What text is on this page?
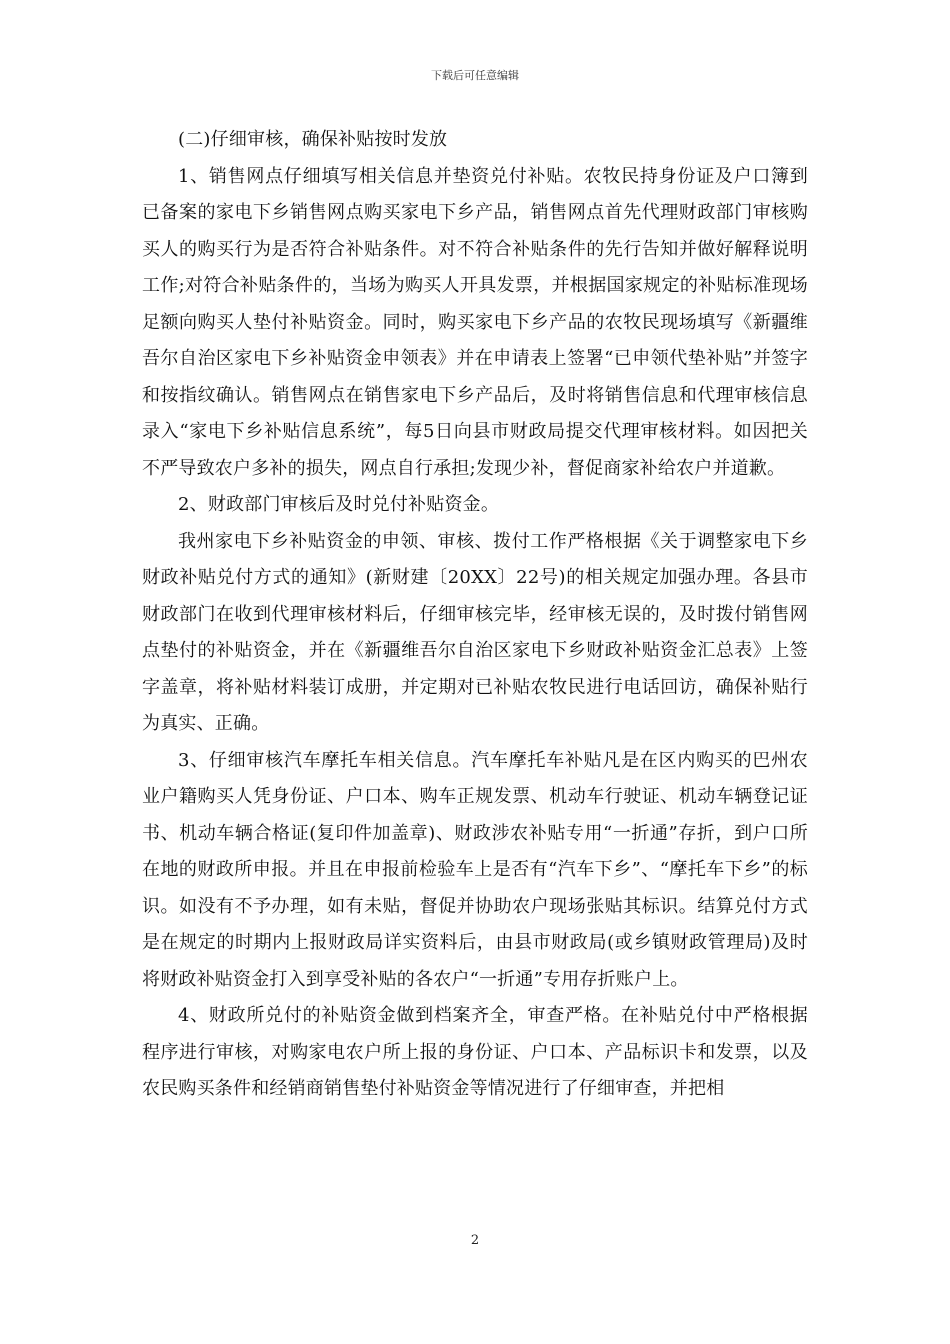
下载后可任意编辑

(二)仔细审核，确保补贴按时发放

1、销售网点仔细填写相关信息并垫资兑付补贴。农牧民持身份证及户口簿到已备案的家电下乡销售网点购买家电下乡产品，销售网点首先代理财政部门审核购买人的购买行为是否符合补贴条件。对不符合补贴条件的先行告知并做好解释说明工作;对符合补贴条件的，当场为购买人开具发票，并根据国家规定的补贴标准现场足额向购买人垫付补贴资金。同时，购买家电下乡产品的农牧民现场填写《新疆维吾尔自治区家电下乡补贴资金申领表》并在申请表上签署“已申领代垫补贴”并签字和按指纹确认。销售网点在销售家电下乡产品后，及时将销售信息和代理审核信息录入“家电下乡补贴信息系统”，每5日向县市财政局提交代理审核材料。如因把关不严导致农户多补的损失，网点自行承担;发现少补，督促商家补给农户并道歉。

2、财政部门审核后及时兑付补贴资金。

我州家电下乡补贴资金的申领、审核、拨付工作严格根据《关于调整家电下乡财政补贴兑付方式的通知》(新财建〔20XX〕22号)的相关规定加强办理。各县市财政部门在收到代理审核材料后，仔细审核完毕，经审核无误的，及时拨付销售网点垫付的补贴资金，并在《新疆维吾尔自治区家电下乡财政补贴资金汇总表》上签字盖章，将补贴材料装订成册，并定期对已补贴农牧民进行电话回访，确保补贴行为真实、正确。

3、仔细审核汽车摩托车相关信息。汽车摩托车补贴凡是在区内购买的巴州农业户籍购买人凭身份证、户口本、购车正规发票、机动车行驶证、机动车辆登记证书、机动车辆合格证(复印件加盖章)、财政涉农补贴专用“一折通”存折，到户口所在地的财政所申报。并且在申报前检验车上是否有“汽车下乡”、“摩托车下乡”的标识。如没有不予办理，如有未贴，督促并协助农户现场张贴其标识。结算兑付方式是在规定的时期内上报财政局详实资料后，由县市财政局(或乡镇财政管理局)及时将财政补贴资金打入到享受补贴的各农户“一折通”专用存折账户上。

4、财政所兑付的补贴资金做到档案齐全，审查严格。在补贴兑付中严格根据程序进行审核，对购家电农户所上报的身份证、户口本、产品标识卡和发票，以及农民购买条件和经销商销售垫付补贴资金等情况进行了仔细审查，并把相

2
